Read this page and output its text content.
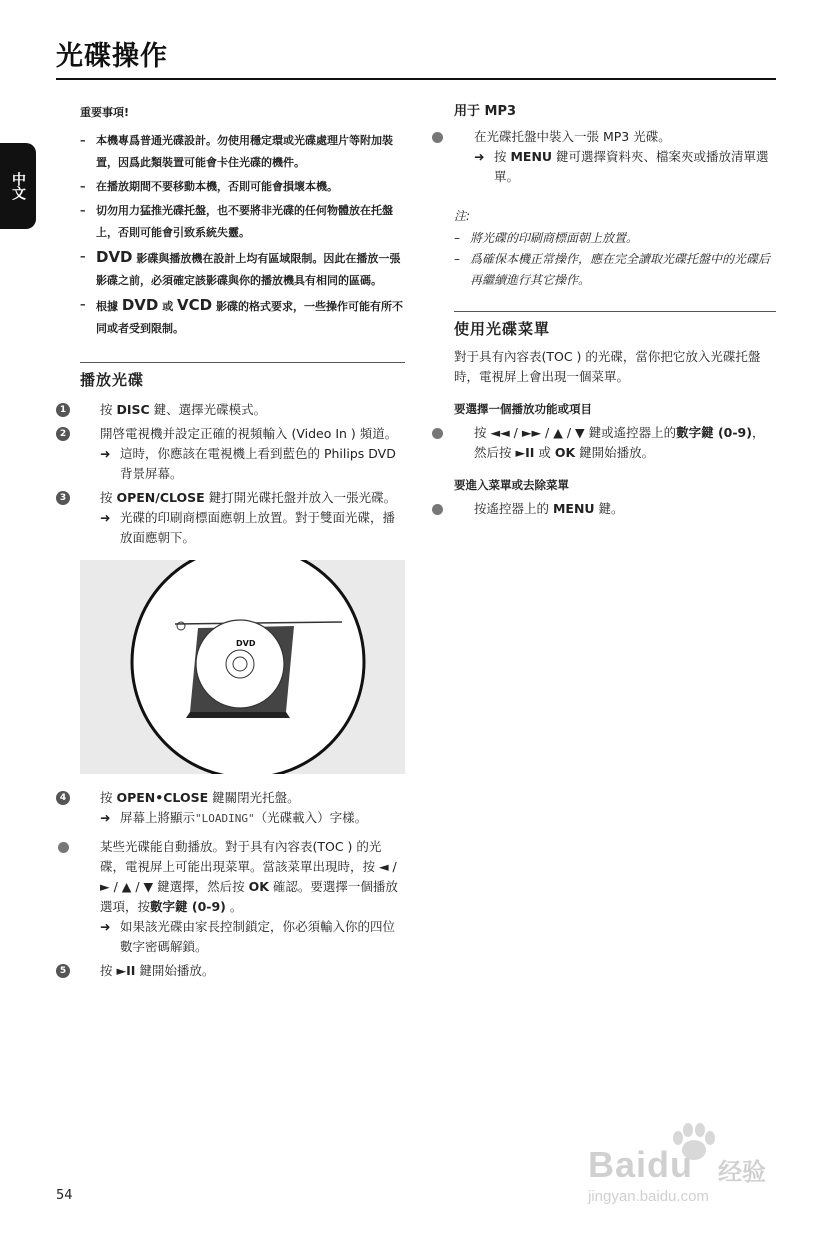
光碟操作
中文
重要事項!
– 本機專爲普通光碟設計。勿使用穩定環或光碟處理片等附加裝置，因爲此類裝置可能會卡住光碟的機件。
– 在播放期間不要移動本機，否則可能會損壞本機。
– 切勿用力猛推光碟托盤，也不要將非光碟的任何物體放在托盤上，否則可能會引致系統失靈。
– DVD 影碟與播放機在設計上均有區域限制。因此在播放一張影碟之前，必須確定該影碟與你的播放機具有相同的區碼。
– 根據 DVD 或 VCD 影碟的格式要求，一些操作可能有所不同或者受到限制。
播放光碟
1	按 DISC 鍵、選擇光碟模式。
2	開啓電視機并設定正確的視頻輸入 (Video In ) 頻道。
➜ 這時，你應該在電視機上看到藍色的 Philips DVD 背景屏幕。
3	按 OPEN/CLOSE 鍵打開光碟托盤并放入一張光碟。
➜ 光碟的印刷商標面應朝上放置。對于雙面光碟，播放面應朝下。
DVD
4	按 OPEN•CLOSE 鍵關閉光托盤。
➜ 屏幕上將顯示"LOADING"（光碟載入）字樣。
某些光碟能自動播放。對于具有內容表(TOC ) 的光碟，電視屏上可能出現菜單。當該菜單出現時，按 ◄ / ► / ▲ / ▼ 鍵選擇，然后按 OK 確認。要選擇一個播放選項，按數字鍵 (0-9) 。
➜ 如果該光碟由家長控制鎖定，你必須輸入你的四位數字密碼解鎖。
5	按 ►II 鍵開始播放。
用于 MP3
在光碟托盤中裝入一張 MP3 光碟。
➜ 按 MENU 鍵可選擇資料夾、檔案夾或播放清單選單。
注:
– 將光碟的印刷商標面朝上放置。
– 爲確保本機正常操作，應在完全讀取光碟托盤中的光碟后再繼續進行其它操作。
使用光碟菜單
對于具有內容表(TOC ) 的光碟，當你把它放入光碟托盤時，電視屏上會出現一個菜單。
要選擇一個播放功能或項目
按 ◄◄ / ►► / ▲ / ▼ 鍵或遙控器上的數字鍵 (0-9)，然后按 ►II 或 OK 鍵開始播放。
要進入菜單或去除菜單
按遙控器上的 MENU 鍵。
54
Baidu 经验
jingyan.baidu.com
